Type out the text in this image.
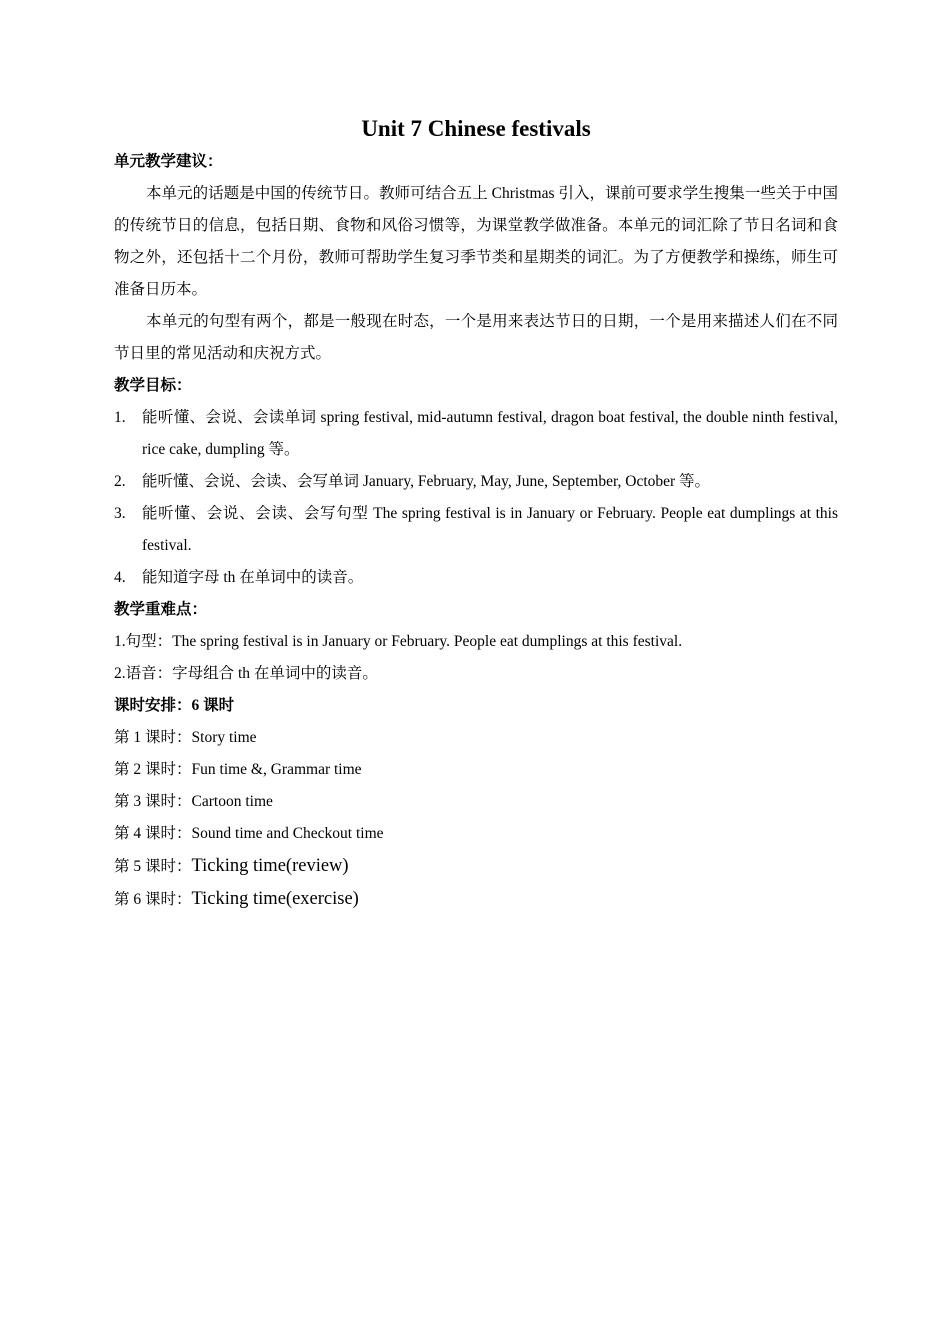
Unit 7 Chinese festivals

单元教学建议：

本单元的话题是中国的传统节日。教师可结合五上 Christmas 引入，课前可要求学生搜集一些关于中国的传统节日的信息，包括日期、食物和风俗习惯等，为课堂教学做准备。本单元的词汇除了节日名词和食物之外，还包括十二个月份，教师可帮助学生复习季节类和星期类的词汇。为了方便教学和操练，师生可准备日历本。

本单元的句型有两个，都是一般现在时态，一个是用来表达节日的日期，一个是用来描述人们在不同节日里的常见活动和庆祝方式。

教学目标：

1. 能听懂、会说、会读单词 spring festival, mid-autumn festival, dragon boat festival, the double ninth festival, rice cake, dumpling 等。
2. 能听懂、会说、会读、会写单词 January, February, May, June, September, October 等。
3. 能听懂、会说、会读、会写句型 The spring festival is in January or February. People eat dumplings at this festival.
4. 能知道字母 th 在单词中的读音。

教学重难点：

1.句型：The spring festival is in January or February. People eat dumplings at this festival.

2.语音：字母组合 th 在单词中的读音。

课时安排：6 课时

第 1 课时：Story time

第 2 课时：Fun time &, Grammar time

第 3 课时：Cartoon time

第 4 课时：Sound time and Checkout time

第 5 课时：Ticking time(review)

第 6 课时：Ticking time(exercise)
